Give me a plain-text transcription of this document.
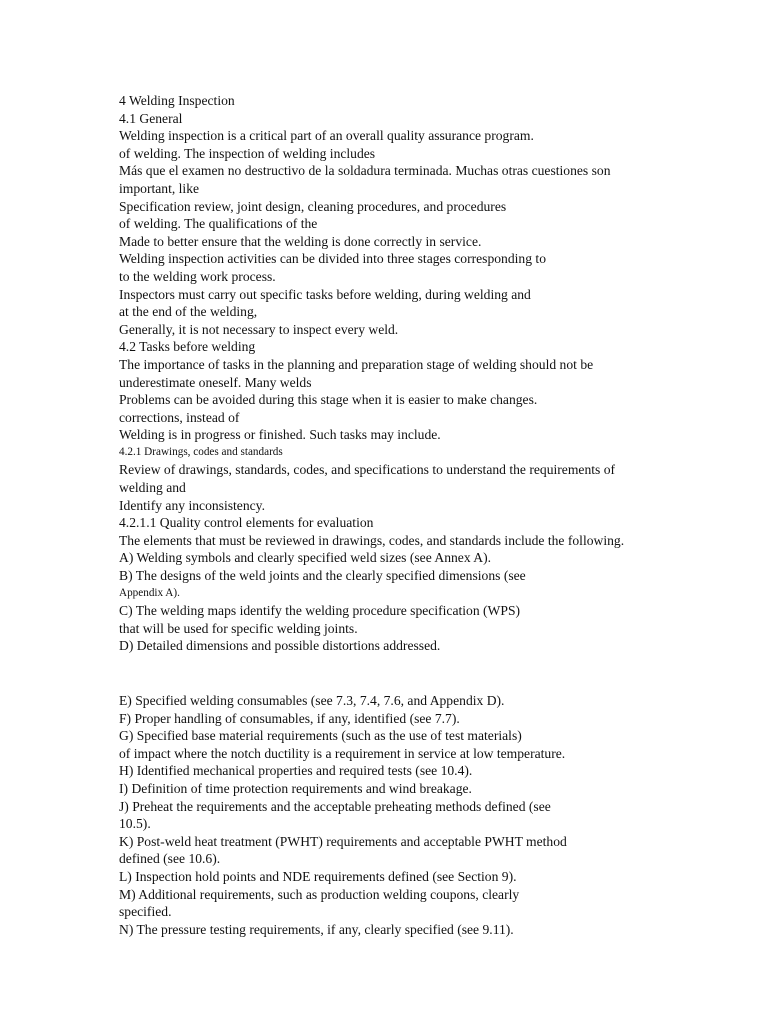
4 Welding Inspection
4.1 General
Welding inspection is a critical part of an overall quality assurance program.
of welding. The inspection of welding includes
Más que el examen no destructivo de la soldadura terminada. Muchas otras cuestiones son important, like
Specification review, joint design, cleaning procedures, and procedures
of welding. The qualifications of the
Made to better ensure that the welding is done correctly in service.
Welding inspection activities can be divided into three stages corresponding to
to the welding work process.
Inspectors must carry out specific tasks before welding, during welding and
at the end of the welding,
Generally, it is not necessary to inspect every weld.
4.2 Tasks before welding
The importance of tasks in the planning and preparation stage of welding should not be underestimate oneself. Many welds
Problems can be avoided during this stage when it is easier to make changes.
corrections, instead of
Welding is in progress or finished. Such tasks may include.
4.2.1 Drawings, codes and standards
Review of drawings, standards, codes, and specifications to understand the requirements of welding and
Identify any inconsistency.
4.2.1.1 Quality control elements for evaluation
The elements that must be reviewed in drawings, codes, and standards include the following.
A) Welding symbols and clearly specified weld sizes (see Annex A).
B) The designs of the weld joints and the clearly specified dimensions (see
Appendix A).
C) The welding maps identify the welding procedure specification (WPS)
that will be used for specific welding joints.
D) Detailed dimensions and possible distortions addressed.
E) Specified welding consumables (see 7.3, 7.4, 7.6, and Appendix D).
F) Proper handling of consumables, if any, identified (see 7.7).
G) Specified base material requirements (such as the use of test materials)
of impact where the notch ductility is a requirement in service at low temperature.
H) Identified mechanical properties and required tests (see 10.4).
I) Definition of time protection requirements and wind breakage.
J) Preheat the requirements and the acceptable preheating methods defined (see
10.5).
K) Post-weld heat treatment (PWHT) requirements and acceptable PWHT method
defined (see 10.6).
L) Inspection hold points and NDE requirements defined (see Section 9).
M) Additional requirements, such as production welding coupons, clearly
specified.
N) The pressure testing requirements, if any, clearly specified (see 9.11).
